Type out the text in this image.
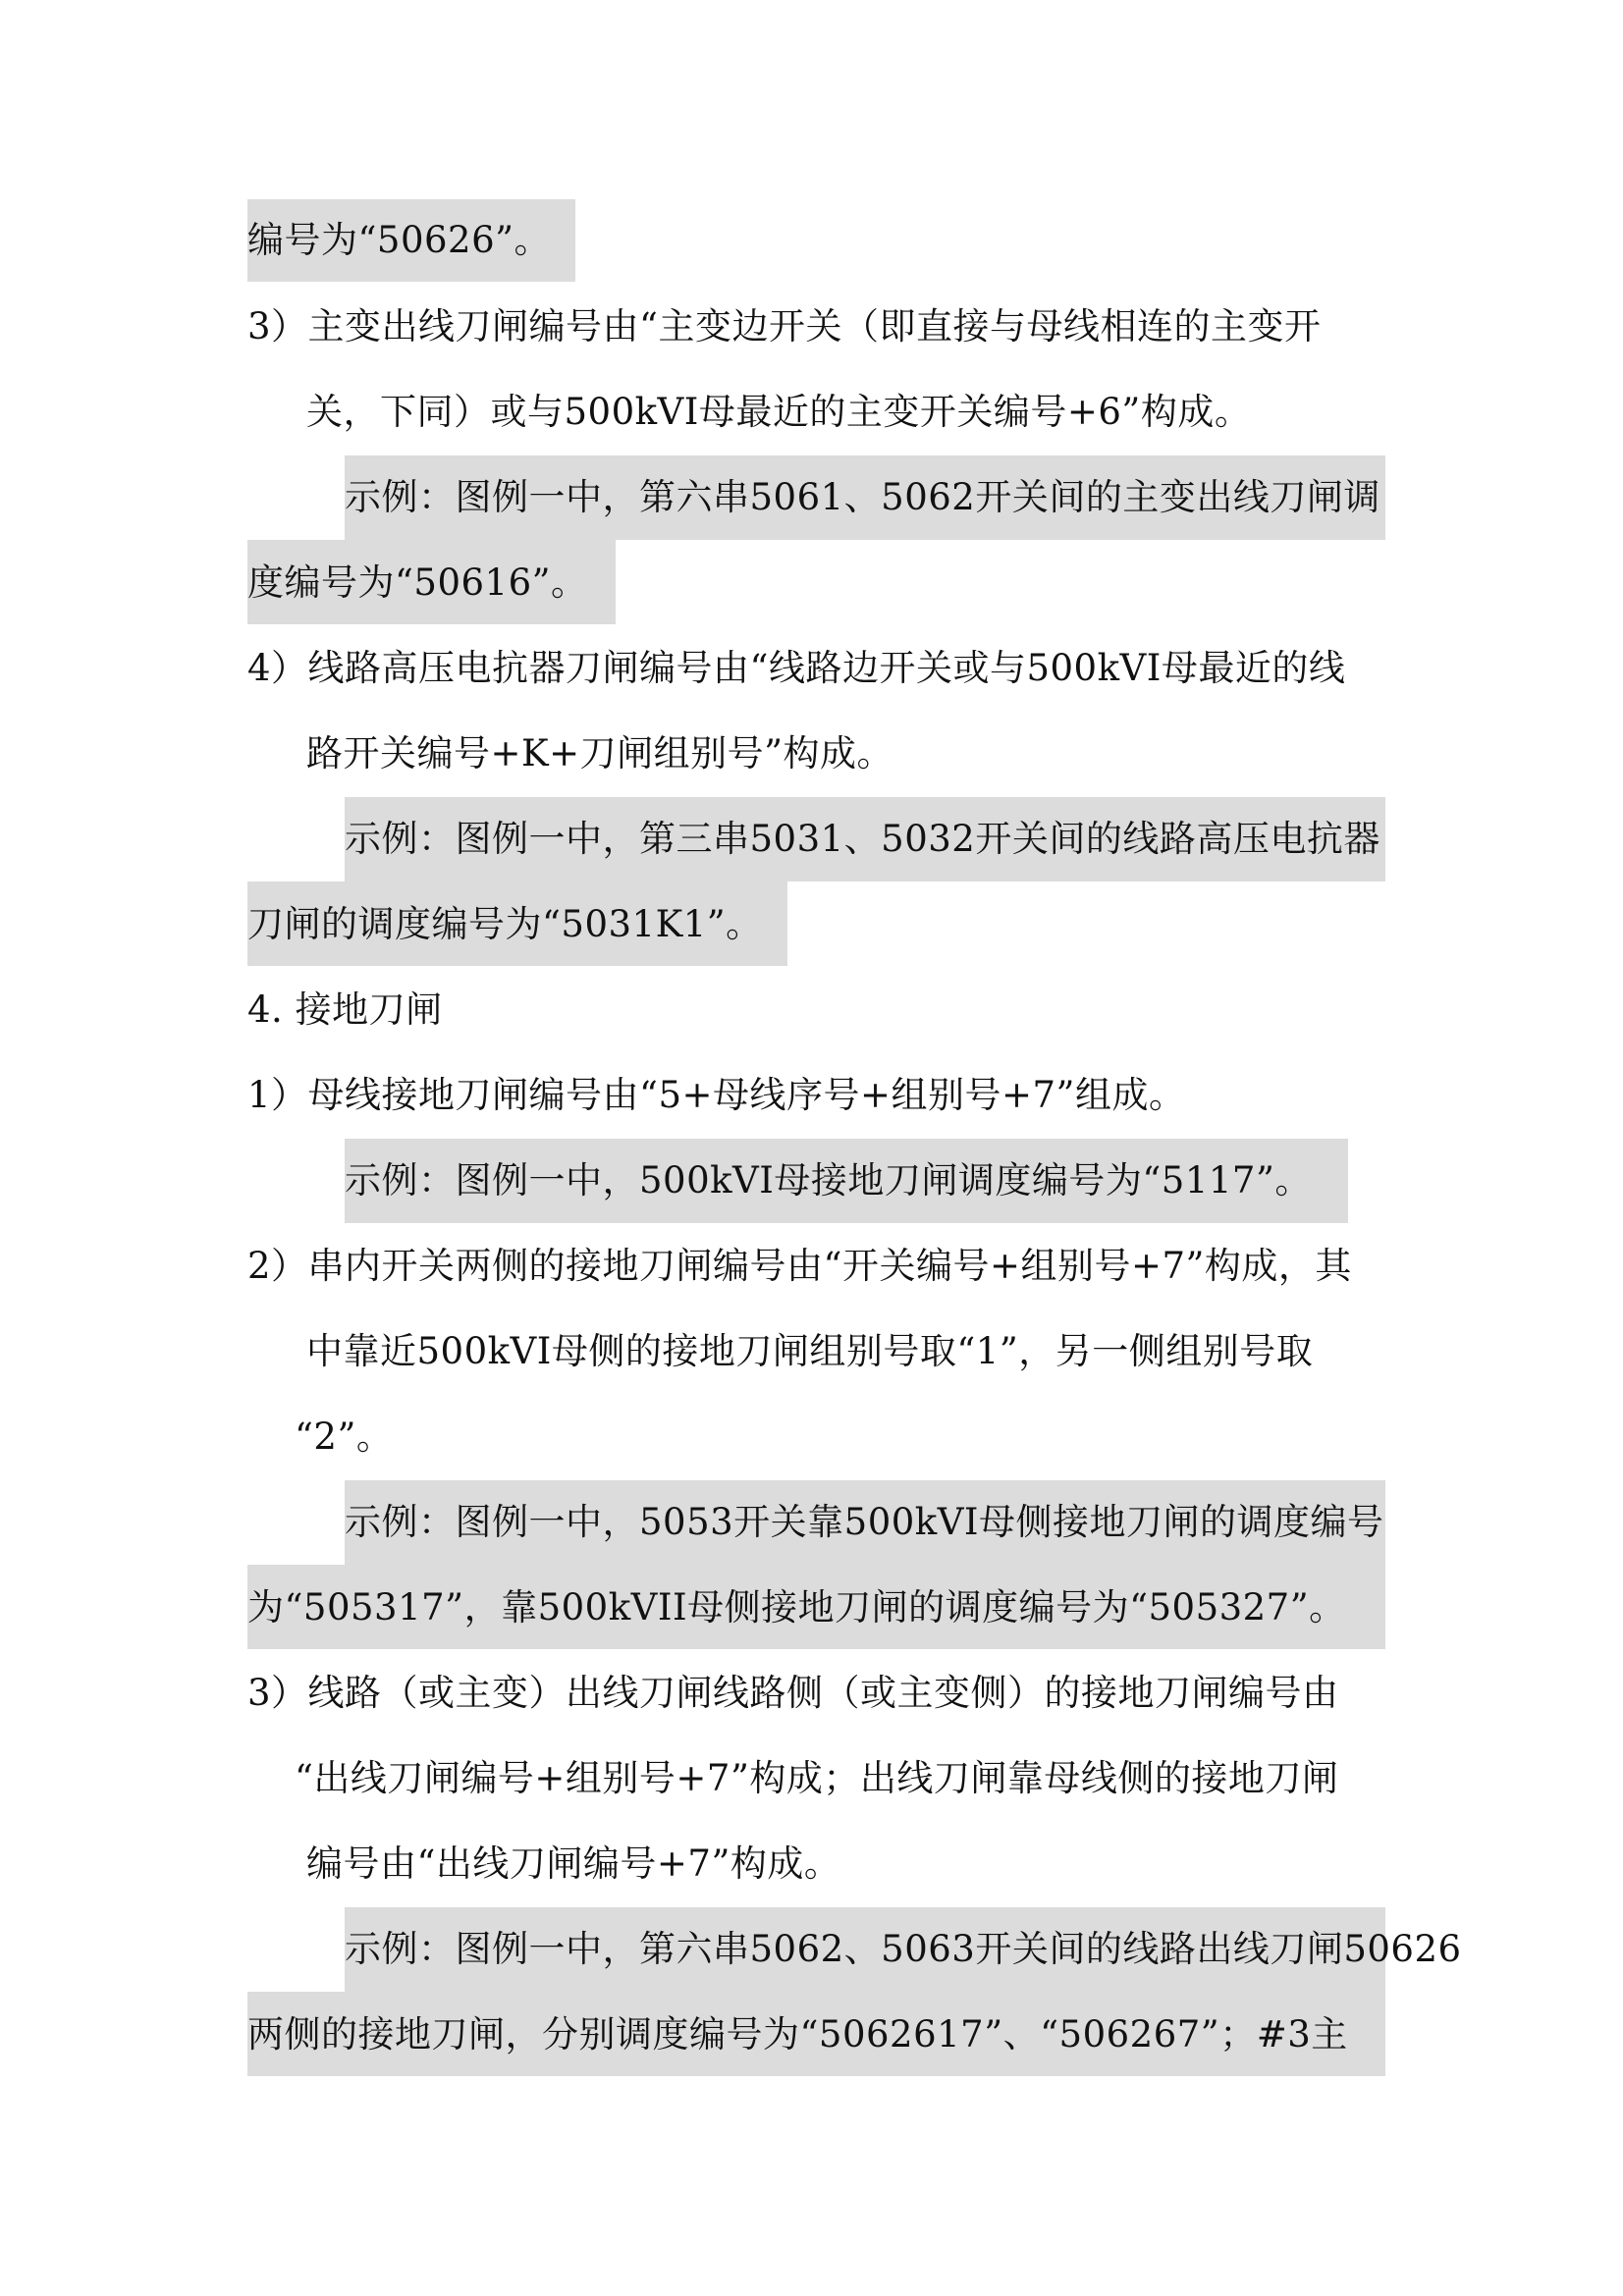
编号为“50626”。
3）主变出线刀闸编号由“主变边开关（即直接与母线相连的主变开
关，下同）或与500kVI母最近的主变开关编号+6”构成。
示例：图例一中，第六串5061、5062开关间的主变出线刀闸调
度编号为“50616”。
4）线路高压电抗器刀闸编号由“线路边开关或与500kVI母最近的线
路开关编号+K+刀闸组别号”构成。
示例：图例一中，第三串5031、5032开关间的线路高压电抗器
刀闸的调度编号为“5031K1”。
4. 接地刀闸
1）母线接地刀闸编号由“5+母线序号+组别号+7”组成。
示例：图例一中，500kVI母接地刀闸调度编号为“5117”。
2）串内开关两侧的接地刀闸编号由“开关编号+组别号+7”构成，其
中靠近500kVI母侧的接地刀闸组别号取“1”，另一侧组别号取
“2”。
示例：图例一中，5053开关靠500kVI母侧接地刀闸的调度编号
为“505317”，靠500kVII母侧接地刀闸的调度编号为“505327”。
3）线路（或主变）出线刀闸线路侧（或主变侧）的接地刀闸编号由
“出线刀闸编号+组别号+7”构成；出线刀闸靠母线侧的接地刀闸
编号由“出线刀闸编号+7”构成。
示例：图例一中，第六串5062、5063开关间的线路出线刀闸50626
两侧的接地刀闸，分别调度编号为“5062617”、“506267”；#3主
